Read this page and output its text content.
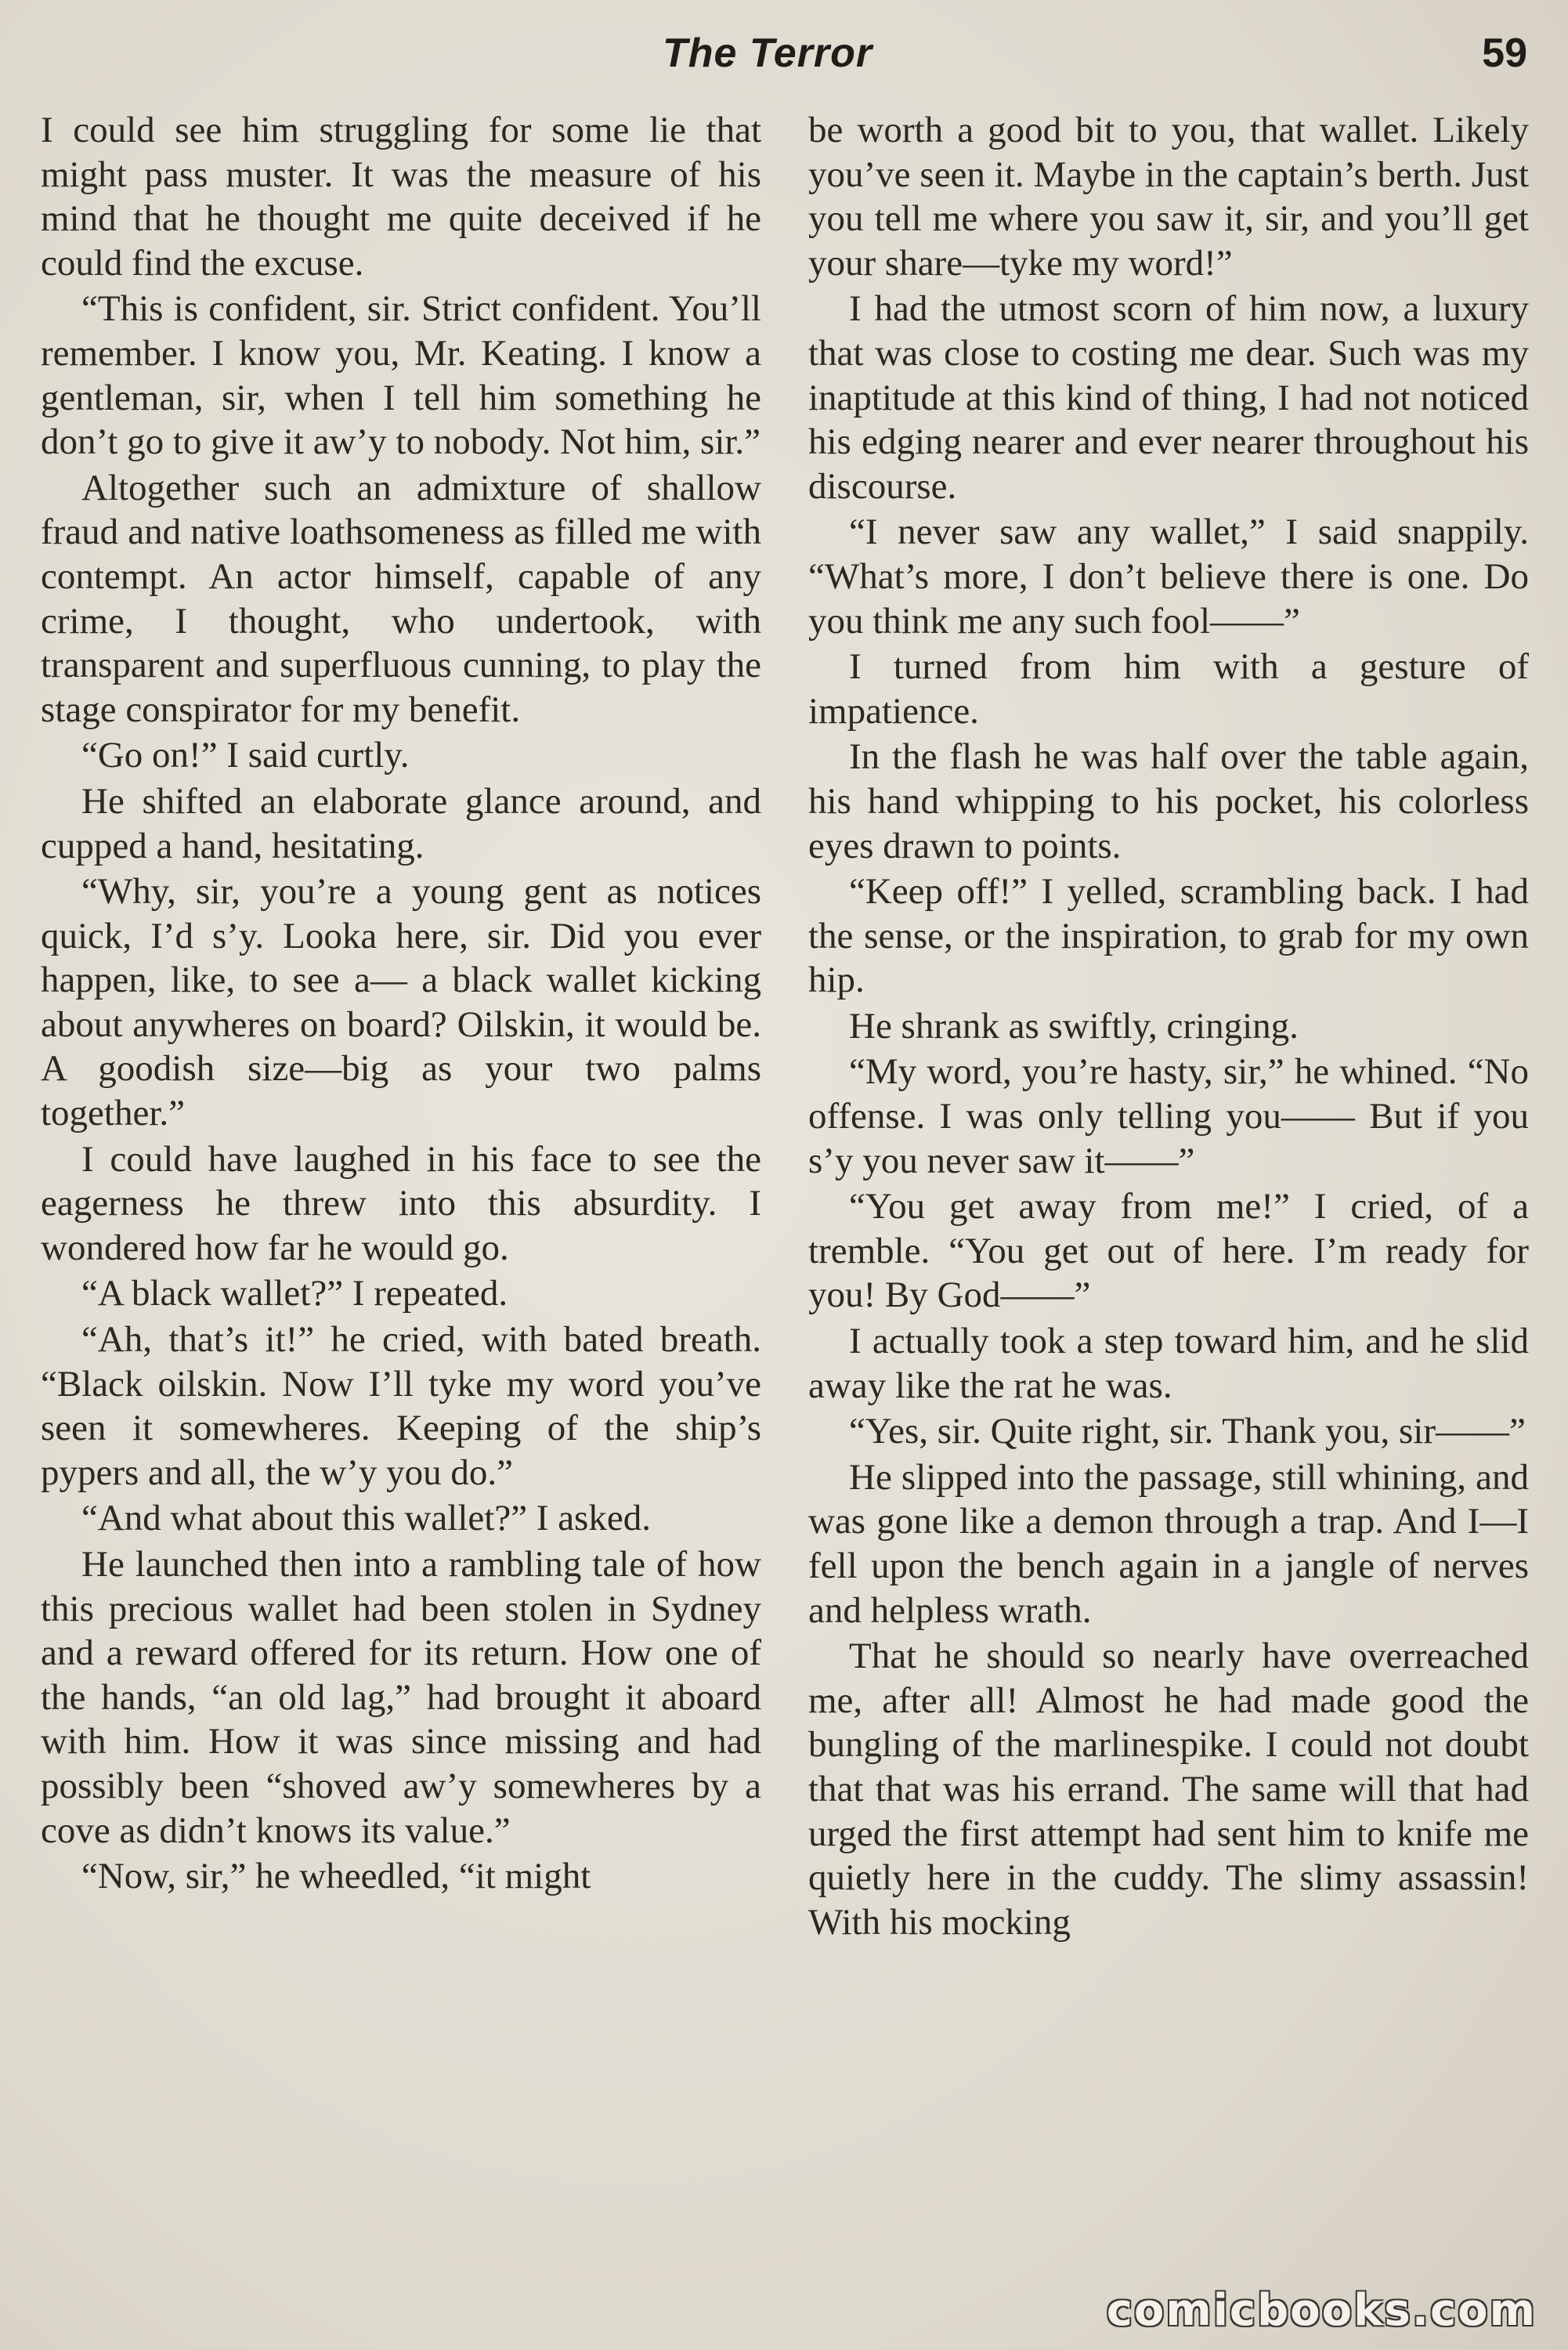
The Terror	59

I could see him struggling for some lie that might pass muster. It was the measure of his mind that he thought me quite deceived if he could find the excuse.

“This is confident, sir. Strict confident. You’ll remember. I know you, Mr. Keating. I know a gentleman, sir, when I tell him something he don’t go to give it aw’y to nobody. Not him, sir.”

Altogether such an admixture of shallow fraud and native loathsomeness as filled me with contempt. An actor himself, capable of any crime, I thought, who undertook, with transparent and superfluous cunning, to play the stage conspirator for my benefit.

“Go on!” I said curtly.

He shifted an elaborate glance around, and cupped a hand, hesitating.

“Why, sir, you’re a young gent as notices quick, I’d s’y. Looka here, sir. Did you ever happen, like, to see a— a black wallet kicking about anywheres on board? Oilskin, it would be. A goodish size—big as your two palms together.”

I could have laughed in his face to see the eagerness he threw into this absurdity. I wondered how far he would go.

“A black wallet?” I repeated.

“Ah, that’s it!” he cried, with bated breath. “Black oilskin. Now I’ll tyke my word you’ve seen it somewheres. Keeping of the ship’s pypers and all, the w’y you do.”

“And what about this wallet?” I asked.

He launched then into a rambling tale of how this precious wallet had been stolen in Sydney and a reward offered for its return. How one of the hands, “an old lag,” had brought it aboard with him. How it was since missing and had possibly been “shoved aw’y somewheres by a cove as didn’t knows its value.”

“Now, sir,” he wheedled, “it might

be worth a good bit to you, that wallet. Likely you’ve seen it. Maybe in the captain’s berth. Just you tell me where you saw it, sir, and you’ll get your share—tyke my word!”

I had the utmost scorn of him now, a luxury that was close to costing me dear. Such was my inaptitude at this kind of thing, I had not noticed his edging nearer and ever nearer throughout his discourse.

“I never saw any wallet,” I said snappily. “What’s more, I don’t believe there is one. Do you think me any such fool——”

I turned from him with a gesture of impatience.

In the flash he was half over the table again, his hand whipping to his pocket, his colorless eyes drawn to points.

“Keep off!” I yelled, scrambling back. I had the sense, or the inspiration, to grab for my own hip.

He shrank as swiftly, cringing.

“My word, you’re hasty, sir,” he whined. “No offense. I was only telling you—— But if you s’y you never saw it——”

“You get away from me!” I cried, of a tremble. “You get out of here. I’m ready for you! By God——”

I actually took a step toward him, and he slid away like the rat he was.

“Yes, sir. Quite right, sir. Thank you, sir——”

He slipped into the passage, still whining, and was gone like a demon through a trap. And I—I fell upon the bench again in a jangle of nerves and helpless wrath.

That he should so nearly have overreached me, after all! Almost he had made good the bungling of the marlinespike. I could not doubt that that was his errand. The same will that had urged the first attempt had sent him to knife me quietly here in the cuddy. The slimy assassin! With his mocking

comicbooks.com
